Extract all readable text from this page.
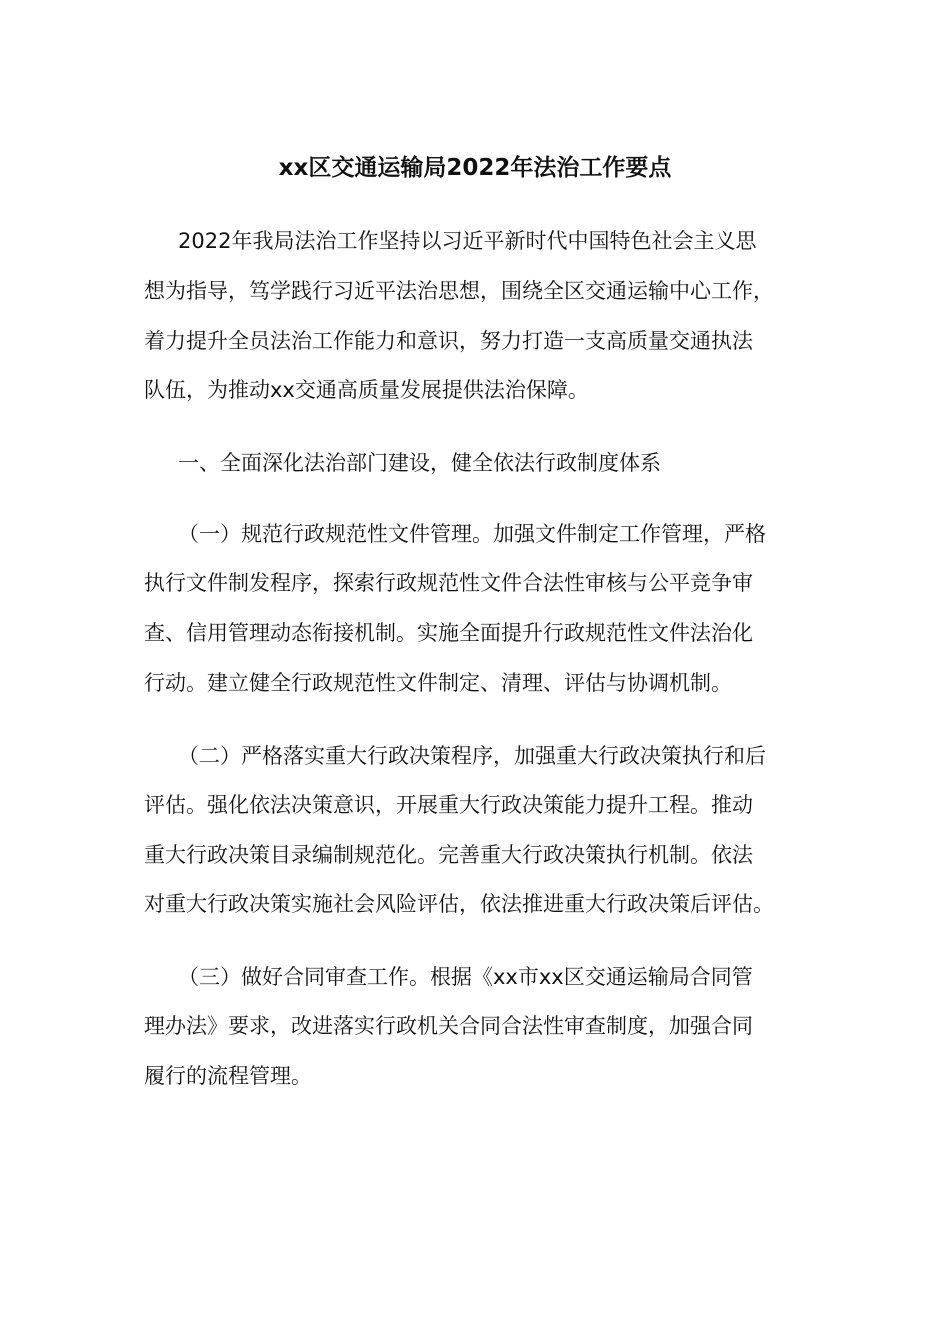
xx区交通运输局2022年法治工作要点
2022年我局法治工作坚持以习近平新时代中国特色社会主义思
想为指导，笃学践行习近平法治思想，围绕全区交通运输中心工作，
着力提升全员法治工作能力和意识，努力打造一支高质量交通执法
队伍，为推动xx交通高质量发展提供法治保障。
一、全面深化法治部门建设，健全依法行政制度体系
（一）规范行政规范性文件管理。加强文件制定工作管理，严格
执行文件制发程序，探索行政规范性文件合法性审核与公平竞争审
查、信用管理动态衔接机制。实施全面提升行政规范性文件法治化
行动。建立健全行政规范性文件制定、清理、评估与协调机制。
（二）严格落实重大行政决策程序，加强重大行政决策执行和后
评估。强化依法决策意识，开展重大行政决策能力提升工程。推动
重大行政决策目录编制规范化。完善重大行政决策执行机制。依法
对重大行政决策实施社会风险评估，依法推进重大行政决策后评估。
（三）做好合同审查工作。根据《xx市xx区交通运输局合同管
理办法》要求，改进落实行政机关合同合法性审查制度，加强合同
履行的流程管理。
